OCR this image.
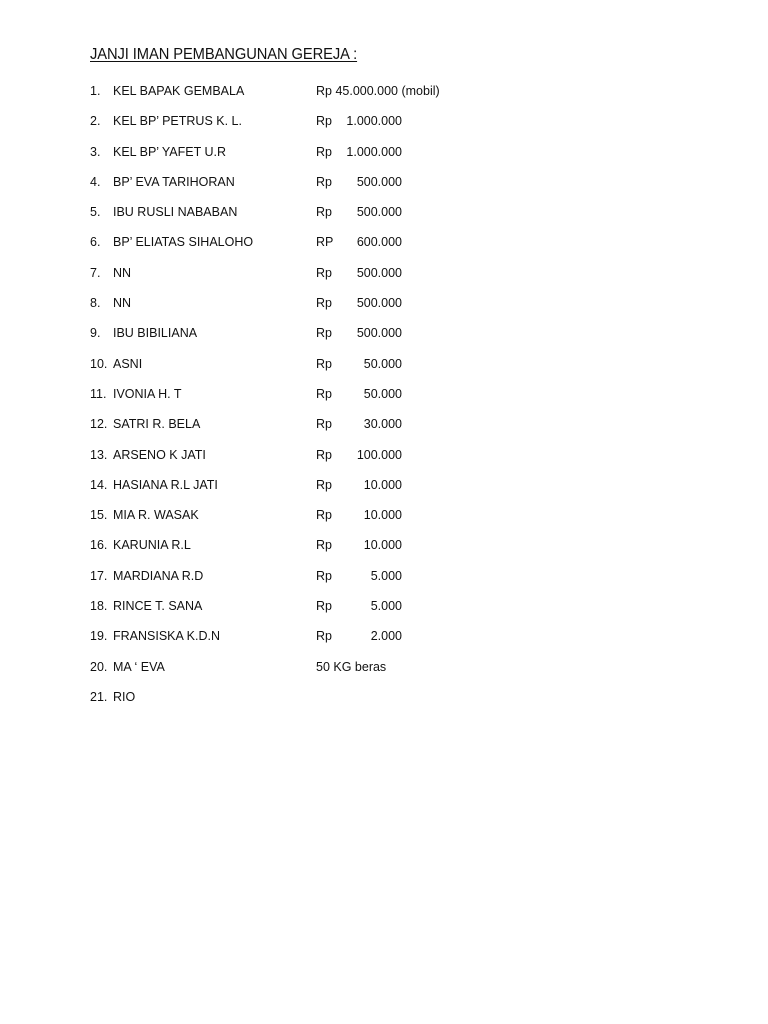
JANJI IMAN PEMBANGUNAN GEREJA :
1. KEL BAPAK GEMBALA	Rp 45.000.000 (mobil)
2. KEL BP’ PETRUS K. L.	Rp	1.000.000
3. KEL BP’ YAFET U.R	Rp	1.000.000
4. BP’ EVA TARIHORAN	Rp	500.000
5. IBU RUSLI NABABAN	Rp	500.000
6. BP’ ELIATAS SIHALOHO	RP	600.000
7. NN	Rp	500.000
8. NN	Rp	500.000
9. IBU BIBILIANA	Rp	500.000
10. ASNI	Rp	50.000
11. IVONIA H. T	Rp	50.000
12. SATRI R. BELA	Rp	30.000
13. ARSENO K JATI	Rp	100.000
14. HASIANA R.L JATI	Rp	10.000
15. MIA R. WASAK	Rp	10.000
16. KARUNIA R.L	Rp	10.000
17. MARDIANA R.D	Rp	5.000
18. RINCE T. SANA	Rp	5.000
19. FRANSISKA K.D.N	Rp	2.000
20. MA ‘ EVA	50 KG beras
21. RIO
